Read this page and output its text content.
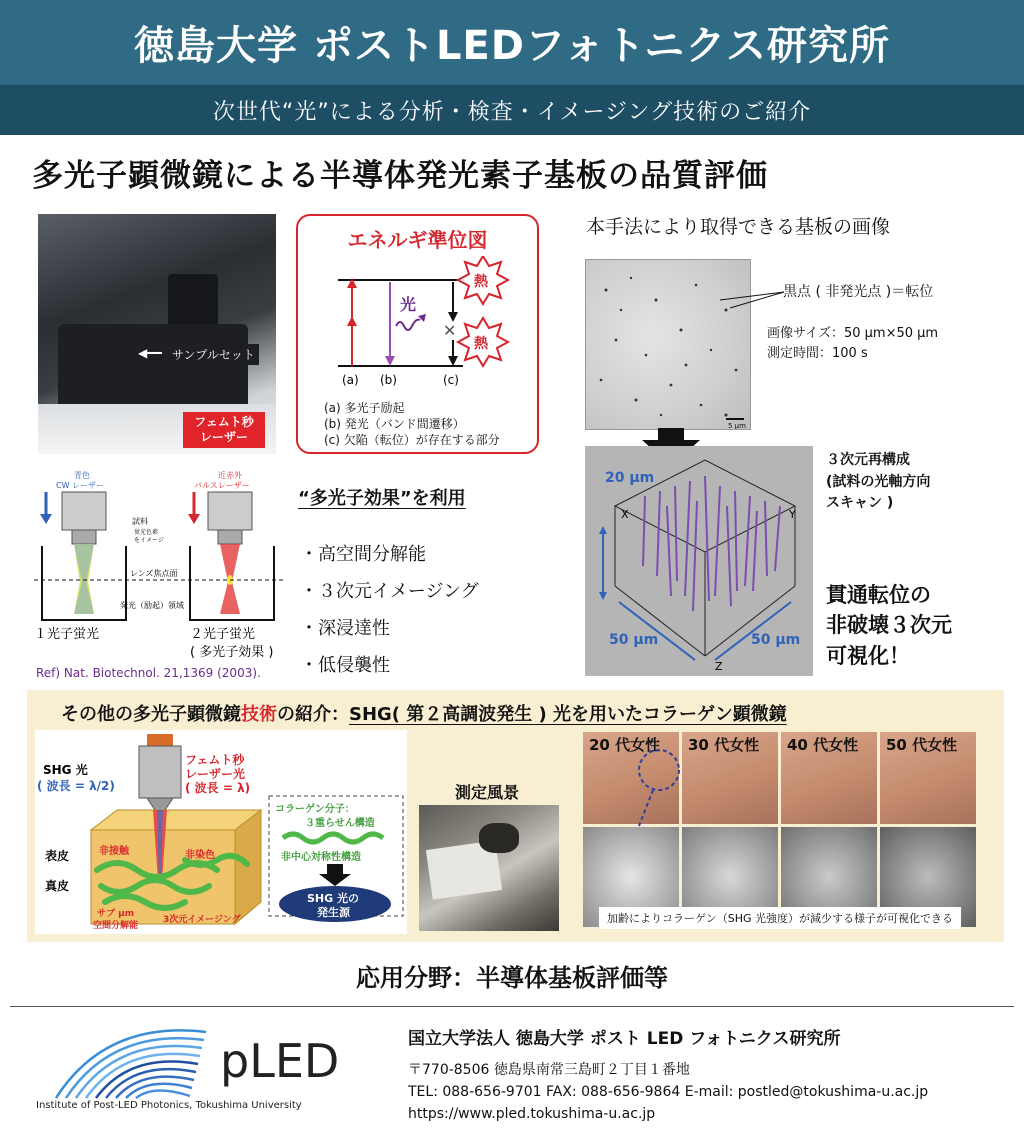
徳島大学 ポストLEDフォトニクス研究所
次世代“光”による分析・検査・イメージング技術のご紹介
多光子顕微鏡による半導体発光素子基板の品質評価
◀━━ サンプルセット
フェムト秒
レーザー
エネルギ準位図
光
✕
熱
熱
(a) (b)	(c)
(a) 多光子励起
(b) 発光（バンド間遷移）
(c) 欠陥（転位）が存在する部分
本手法により取得できる基板の画像
5 μm
黒点 ( 非発光点 )＝転位
画像サイズ：50 μm×50 μm
測定時間：100 s
20 μm
50 μm	50 μm
X	Y
Z
３次元再構成
(試料の光軸方向
スキャン )
貫通転位の
非破壊３次元
可視化！
青色
CW レーザー
近赤外
パルスレーザー
試料
蛍光色素
をイメージ
レンズ焦点面
発光（励起）領域
１光子蛍光	２光子蛍光
( 多光子効果 )
Ref) Nat. Biotechnol. 21,1369 (2003).
“多光子効果”を利用
・高空間分解能
・３次元イメージング
・深浸達性
・低侵襲性
その他の多光子顕微鏡技術の紹介：SHG( 第２高調波発生 ) 光を用いたコラーゲン顕微鏡
SHG 光
( 波長 = λ/2)
フェムト秒
レーザー光
( 波長 = λ)
表皮
真皮
非接触	非染色
サブ μm
空間分解能
3次元イメージング
コラーゲン分子：
３重らせん構造
非中心対称性構造
SHG 光の
発生源
測定風景
20 代女性 30 代女性 40 代女性 50 代女性
加齢によりコラーゲン（SHG 光強度）が減少する様子が可視化できる
応用分野：半導体基板評価等
pLED
Institute of Post-LED Photonics, Tokushima University
国立大学法人 徳島大学 ポスト LED フォトニクス研究所
〒770-8506 徳島県南常三島町２丁目１番地
TEL: 088-656-9701 FAX: 088-656-9864 E-mail: postled@tokushima-u.ac.jp
https://www.pled.tokushima-u.ac.jp
